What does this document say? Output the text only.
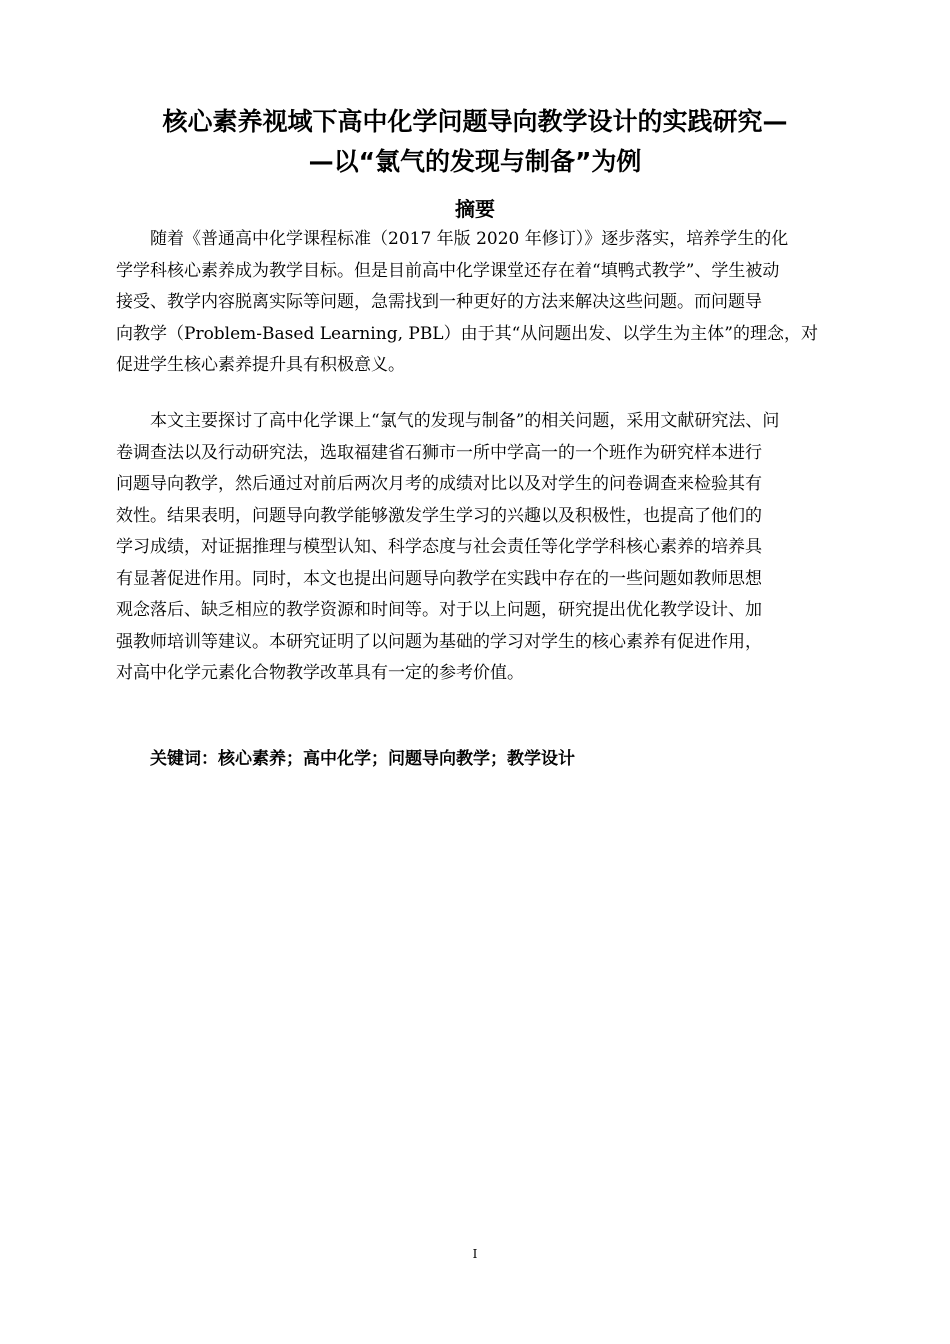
核心素养视域下高中化学问题导向教学设计的实践研究—
—以“氯气的发现与制备”为例
摘要
随着《普通高中化学课程标准（2017 年版 2020 年修订）》逐步落实，培养学生的化
学学科核心素养成为教学目标。但是目前高中化学课堂还存在着“填鸭式教学”、学生被动
接受、教学内容脱离实际等问题，急需找到一种更好的方法来解决这些问题。而问题导
向教学（Problem-Based Learning, PBL）由于其“从问题出发、以学生为主体”的理念，对
促进学生核心素养提升具有积极意义。
本文主要探讨了高中化学课上“氯气的发现与制备”的相关问题，采用文献研究法、问
卷调查法以及行动研究法，选取福建省石狮市一所中学高一的一个班作为研究样本进行
问题导向教学，然后通过对前后两次月考的成绩对比以及对学生的问卷调查来检验其有
效性。结果表明，问题导向教学能够激发学生学习的兴趣以及积极性，也提高了他们的
学习成绩，对证据推理与模型认知、科学态度与社会责任等化学学科核心素养的培养具
有显著促进作用。同时，本文也提出问题导向教学在实践中存在的一些问题如教师思想
观念落后、缺乏相应的教学资源和时间等。对于以上问题，研究提出优化教学设计、加
强教师培训等建议。本研究证明了以问题为基础的学习对学生的核心素养有促进作用，
对高中化学元素化合物教学改革具有一定的参考价值。

关键词：核心素养；高中化学；问题导向教学；教学设计

I
